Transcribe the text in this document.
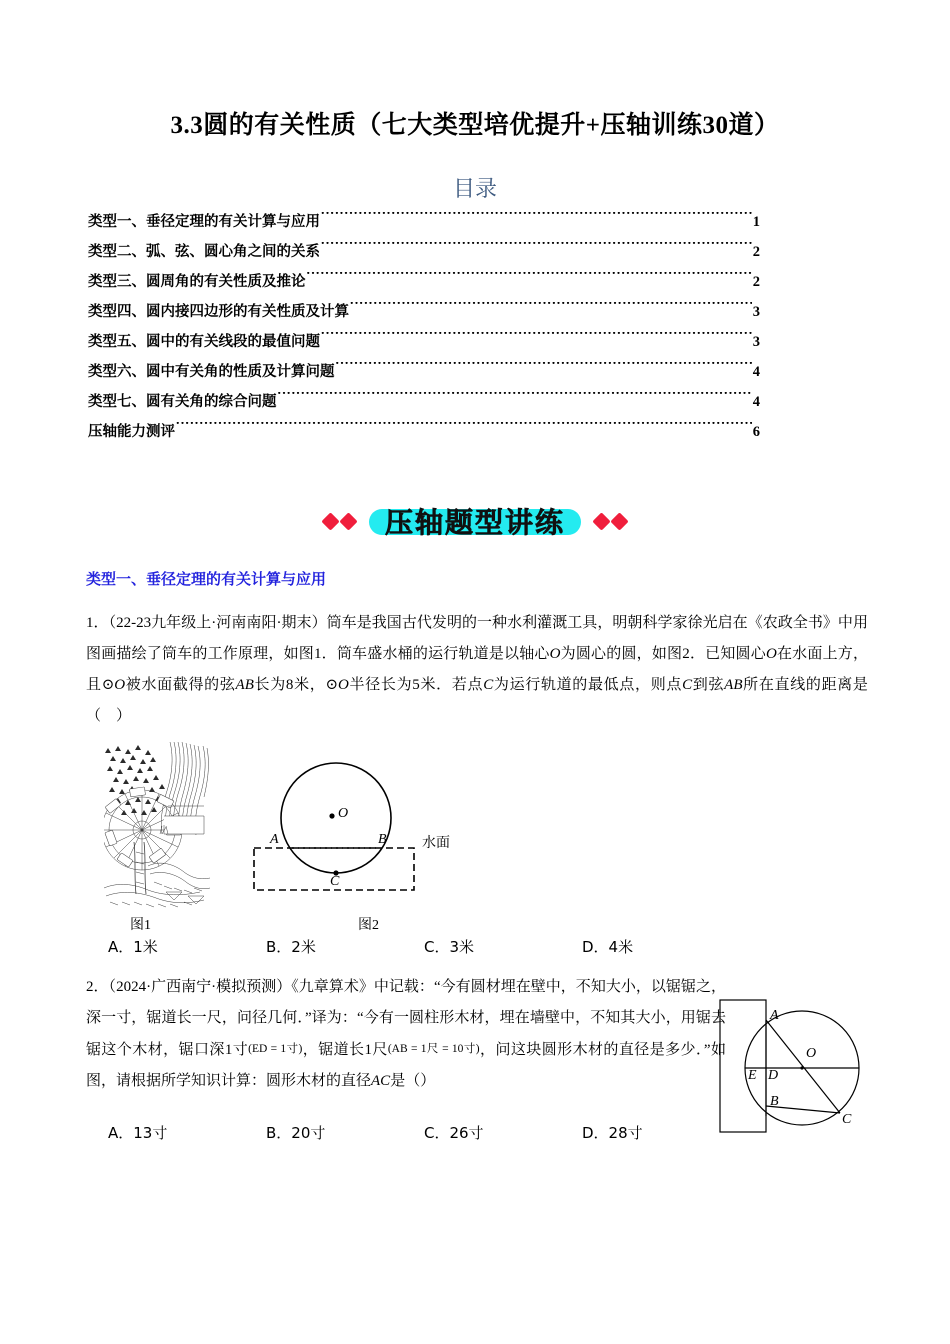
3.3圆的有关性质（七大类型培优提升+压轴训练30道）
目录
类型一、垂径定理的有关计算与应用 .....	1
类型二、弧、弦、圆心角之间的关系 .....	2
类型三、圆周角的有关性质及推论 .....	2
类型四、圆内接四边形的有关性质及计算 .....	3
类型五、圆中的有关线段的最值问题 .....	3
类型六、圆中有关角的性质及计算问题 .....	4
类型七、圆有关角的综合问题 .....	4
压轴能力测评 .....	6
压轴题型讲练
类型一、垂径定理的有关计算与应用
1．（22-23九年级上·河南南阳·期末）筒车是我国古代发明的一种水利灌溉工具，明朝科学家徐光启在《农政全书》中用图画描绘了筒车的工作原理，如图1．筒车盛水桶的运行轨道是以轴心O为圆心的圆，如图2．已知圆心O在水面上方，且⊙O被水面截得的弦AB长为8米，⊙O半径长为5米．若点C为运行轨道的最低点，则点C到弦AB所在直线的距离是（　）
图1
A	B
C
O
水面
图2
A．1米	B．2米	C．3米	D．4米
2．（2024·广西南宁·模拟预测）《九章算术》中记载：“今有圆材埋在壁中，不知大小，以锯锯之，深一寸，锯道长一尺，问径几何．”译为：“今有一圆柱形木材，埋在墙壁中，不知其大小，用锯去锯这个木材，锯口深1寸(ED = 1寸)，锯道长1尺(AB = 1尺 = 10寸)，问这块圆形木材的直径是多少．”如图，请根据所学知识计算：圆形木材的直径AC是（）
A
E D
B
C
O
A．13寸	B．20寸	C．26寸	D．28寸
